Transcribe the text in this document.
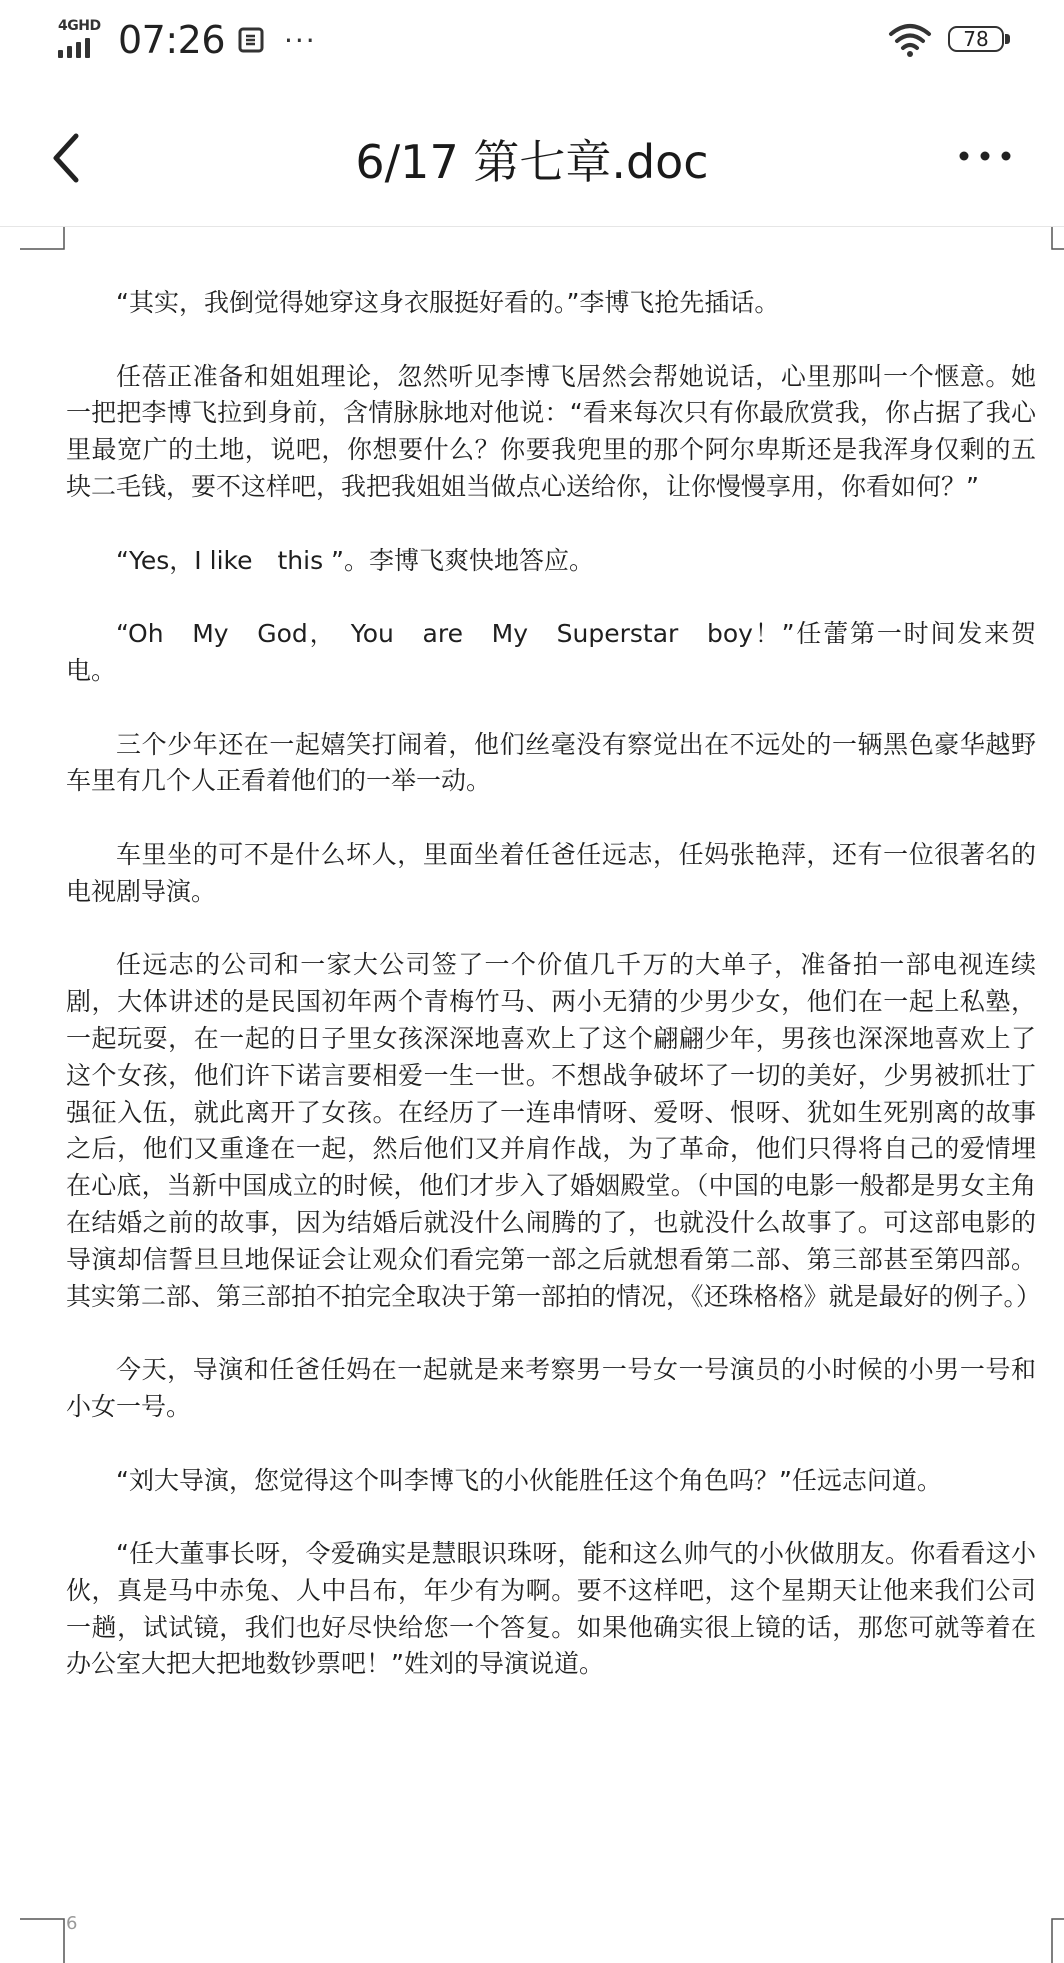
4GHD 07:26 ···	78
6/17 第七章.doc

“其实，我倒觉得她穿这身衣服挺好看的。”李博飞抢先插话。

任蓓正准备和姐姐理论，忽然听见李博飞居然会帮她说话，心里那叫一个惬意。她一把把李博飞拉到身前，含情脉脉地对他说：“看来每次只有你最欣赏我，你占据了我心里最宽广的土地，说吧，你想要什么？你要我兜里的那个阿尔卑斯还是我浑身仅剩的五块二毛钱，要不这样吧，我把我姐姐当做点心送给你，让你慢慢享用，你看如何？”

“Yes，I like　this ”。李博飞爽快地答应。

“Oh　My　God，　You　are　My　Superstar　boy！”任蕾第一时间发来贺电。

三个少年还在一起嬉笑打闹着，他们丝毫没有察觉出在不远处的一辆黑色豪华越野车里有几个人正看着他们的一举一动。

车里坐的可不是什么坏人，里面坐着任爸任远志，任妈张艳萍，还有一位很著名的电视剧导演。

任远志的公司和一家大公司签了一个价值几千万的大单子，准备拍一部电视连续剧，大体讲述的是民国初年两个青梅竹马、两小无猜的少男少女，他们在一起上私塾，一起玩耍，在一起的日子里女孩深深地喜欢上了这个翩翩少年，男孩也深深地喜欢上了这个女孩，他们许下诺言要相爱一生一世。不想战争破坏了一切的美好，少男被抓壮丁强征入伍，就此离开了女孩。在经历了一连串情呀、爱呀、恨呀、犹如生死别离的故事之后，他们又重逢在一起，然后他们又并肩作战，为了革命，他们只得将自己的爱情埋在心底，当新中国成立的时候，他们才步入了婚姻殿堂。（中国的电影一般都是男女主角在结婚之前的故事，因为结婚后就没什么闹腾的了，也就没什么故事了。可这部电影的导演却信誓旦旦地保证会让观众们看完第一部之后就想看第二部、第三部甚至第四部。其实第二部、第三部拍不拍完全取决于第一部拍的情况，《还珠格格》就是最好的例子。）

今天，导演和任爸任妈在一起就是来考察男一号女一号演员的小时候的小男一号和小女一号。

“刘大导演，您觉得这个叫李博飞的小伙能胜任这个角色吗？”任远志问道。

“任大董事长呀，令爱确实是慧眼识珠呀，能和这么帅气的小伙做朋友。你看看这小伙，真是马中赤兔、人中吕布，年少有为啊。要不这样吧，这个星期天让他来我们公司一趟，试试镜，我们也好尽快给您一个答复。如果他确实很上镜的话，那您可就等着在办公室大把大把地数钞票吧！”姓刘的导演说道。

6
